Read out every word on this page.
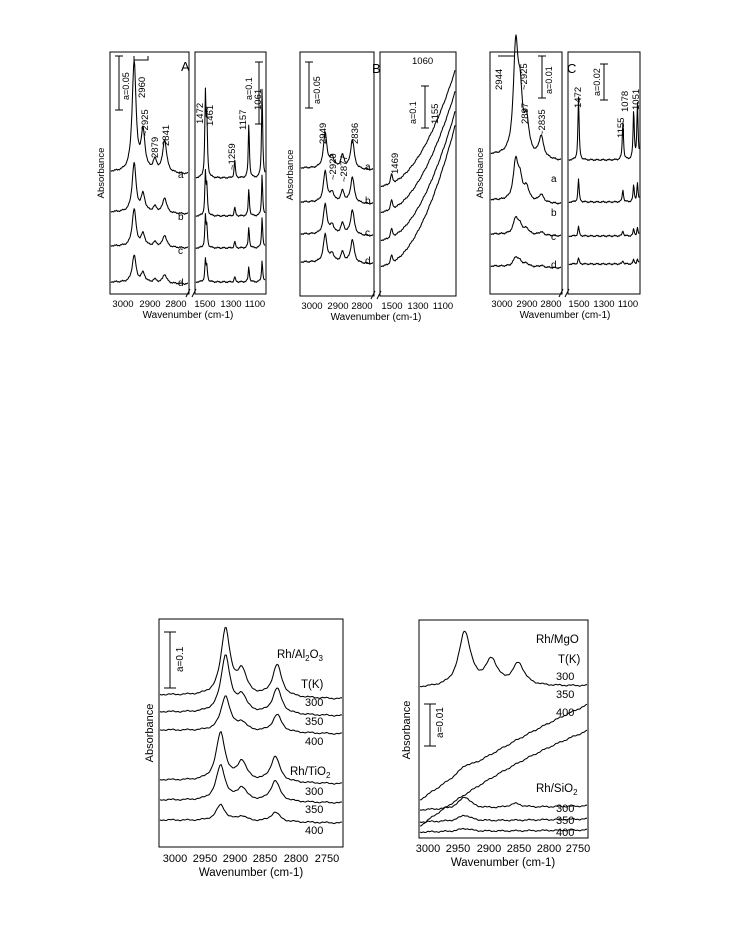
A
Absorbance
Wavenumber (cm-1)
3000 2900 2800 1500 1300 1100
a=0.05	a=0.1
2960
~2925
2879
2841
1472 1461
~1259
1157
1061
a
b
c
d
B
Absorbance
Wavenumber (cm-1)
3000 2900 2800 1500 1300 1100
a=0.05
a=0.1
2949
~2920 ~2877
2836
1469
1155
1060
a
b
c
d
C
Absorbance
Wavenumber (cm-1)
3000 2900 2800 1500 1300 1100
a=0.01	a=0.02
2944 ~2925
2897 ~2835
1472
1155
1078 1051
a
b
c
d
Absorbance
Wavenumber (cm-1)
3000 2950 2900 2850 2800 2750
a=0.1	$Rh/Al_2O_3$
T(K)
Rh/TiO$_2$
300
350
400
300
350
400
Absorbance
Wavenumber (cm-1)
3000 2950 2900 2850 2800 2750
a=0.01
Rh/MgO
T(K)
Rh/SiO$_2$
300
350
400
300
350
400
